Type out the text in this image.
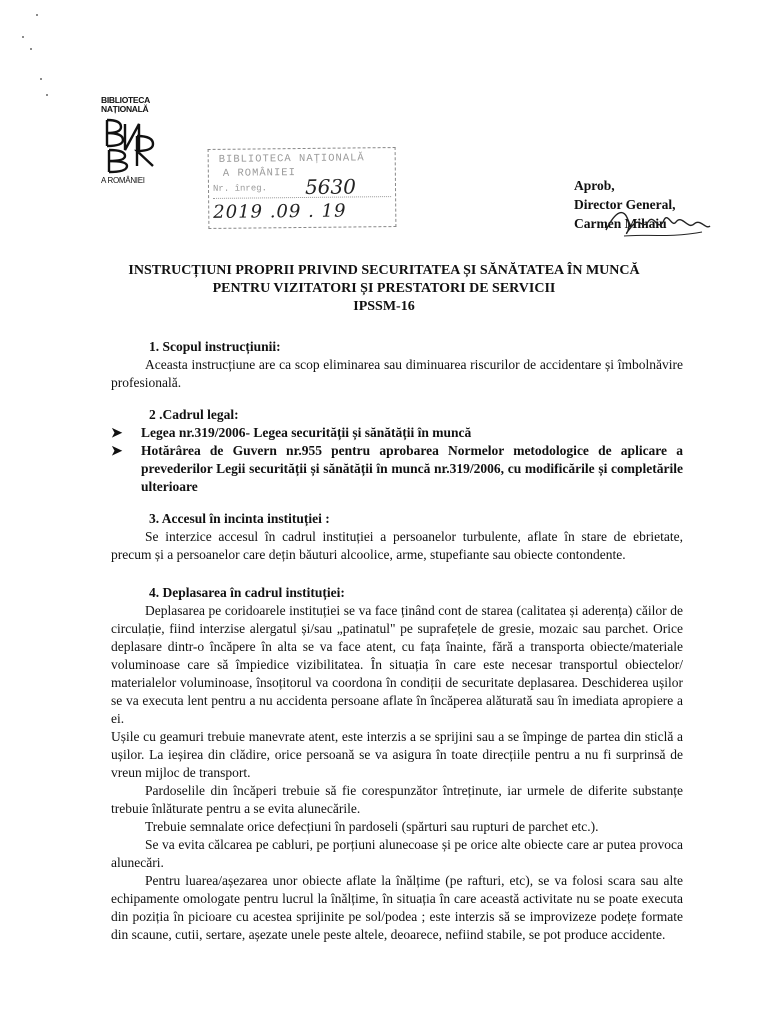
BIBLIOTECA
NAȚIONALĂ
A ROMÂNIEI
BIBLIOTECA NAȚIONALĂ
A ROMÂNIEI
Nr. înreg. 5630
2019 .09 . 19
Aprob,
Director General,
Carmen Mihaiu
INSTRUCȚIUNI PROPRII PRIVIND SECURITATEA ȘI SĂNĂTATEA ÎN MUNCĂ
PENTRU VIZITATORI ȘI PRESTATORI DE SERVICII
IPSSM-16
1. Scopul instrucțiunii:
Aceasta instrucțiune are ca scop eliminarea sau diminuarea riscurilor de accidentare și îmbolnăvire profesională.
2 .Cadrul legal:
➤ Legea nr.319/2006- Legea securității și sănătății în muncă
➤ Hotărârea de Guvern nr.955 pentru aprobarea Normelor metodologice de aplicare a prevederilor Legii securității și sănătății în muncă nr.319/2006, cu modificările și completările ulterioare
3. Accesul în incinta instituției :
Se interzice accesul în cadrul instituției a persoanelor turbulente, aflate în stare de ebrietate, precum și a persoanelor care dețin băuturi alcoolice, arme, stupefiante sau obiecte contondente.
4. Deplasarea în cadrul instituției:
Deplasarea pe coridoarele instituției se va face ținând cont de starea (calitatea și aderența) căilor de circulație, fiind interzise alergatul și/sau „patinatul" pe suprafețele de gresie, mozaic sau parchet. Orice deplasare dintr-o încăpere în alta se va face atent, cu fața înainte, fără a transporta obiecte/materiale voluminoase care să împiedice vizibilitatea. În situația în care este necesar transportul obiectelor/ materialelor voluminoase, însoțitorul va coordona în condiții de securitate deplasarea. Deschiderea ușilor se va executa lent pentru a nu accidenta persoane aflate în încăperea alăturată sau în imediata apropiere a ei.
Ușile cu geamuri trebuie manevrate atent, este interzis a se sprijini sau a se împinge de partea din sticlă a ușilor. La ieșirea din clădire, orice persoană se va asigura în toate direcțiile pentru a nu fi surprinsă de vreun mijloc de transport.
Pardoselile din încăperi trebuie să fie corespunzător întreținute, iar urmele de diferite substanțe trebuie înlăturate pentru a se evita alunecările.
Trebuie semnalate orice defecțiuni în pardoseli (spărturi sau rupturi de parchet etc.).
Se va evita călcarea pe cabluri, pe porțiuni alunecoase și pe orice alte obiecte care ar putea provoca alunecări.
Pentru luarea/așezarea unor obiecte aflate la înălțime (pe rafturi, etc), se va folosi scara sau alte echipamente omologate pentru lucrul la înălțime, în situația în care această activitate nu se poate executa din poziția în picioare cu acestea sprijinite pe sol/podea ; este interzis să se improvizeze podețe formate din scaune, cutii, sertare, așezate unele peste altele, deoarece, nefiind stabile, se pot produce accidente.
